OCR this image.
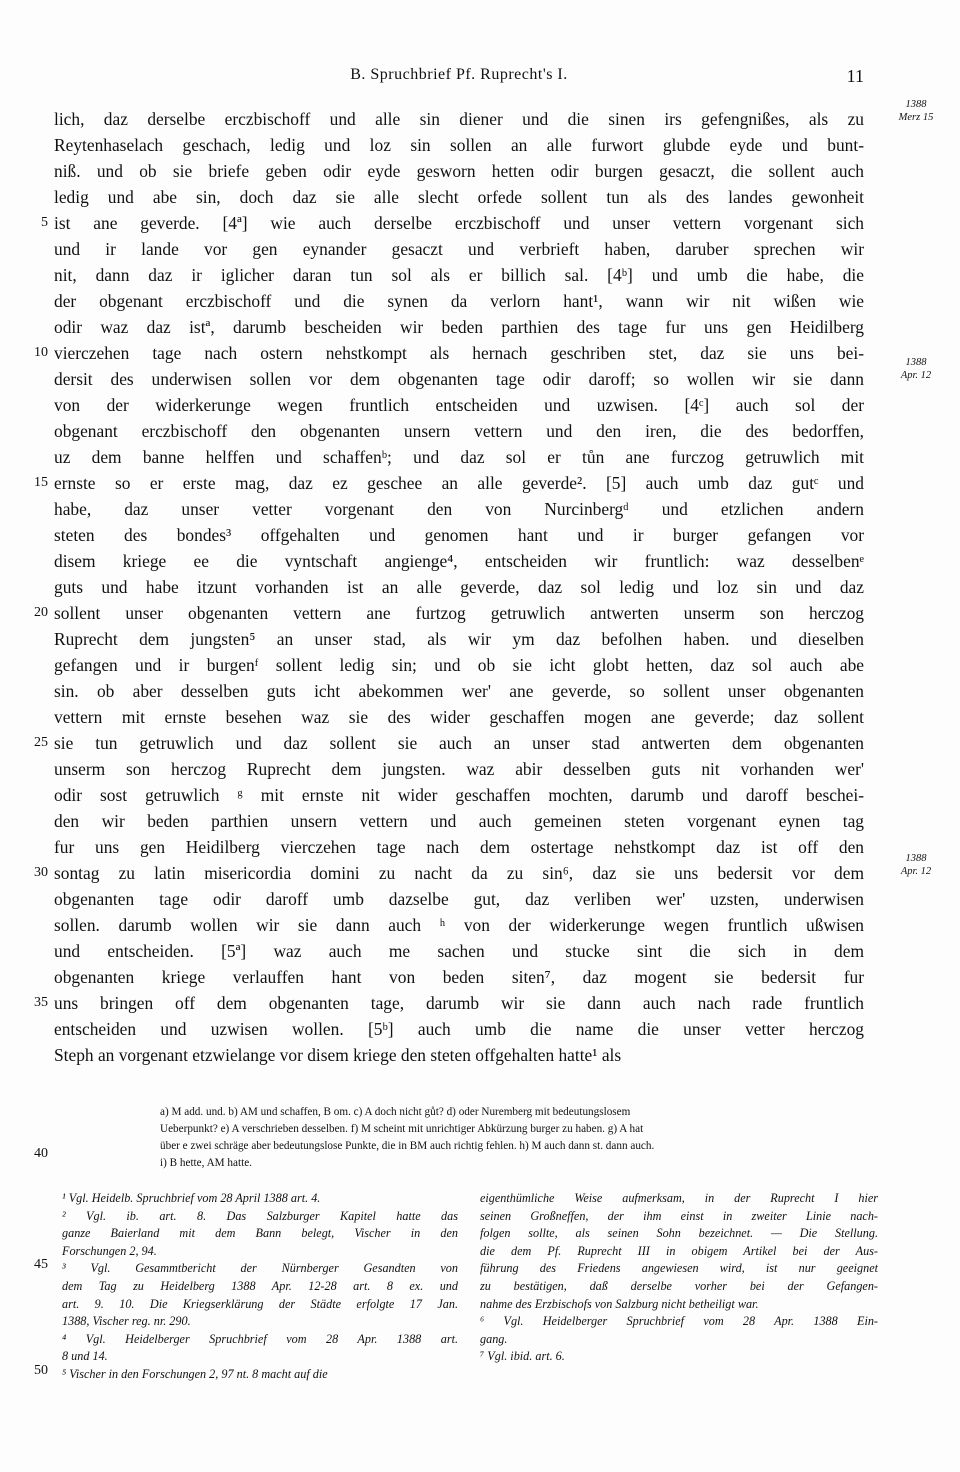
B. Spruchbrief Pf. Ruprecht's I.	11
lich, daz derselbe erczbischoff und alle sin diener und die sinen irs gefengnißes, als zu
Reytenhaselach geschach, ledig und loz sin sollen an alle furwort glubde eyde und bunt-
niß. und ob sie briefe geben odir eyde gesworn hetten odir burgen gesaczt, die sollent auch
ledig und abe sin, doch daz sie alle slecht orfede sollent tun als des landes gewonheit
ist ane geverde. [4ª] wie auch derselbe erczbischoff und unser vettern vorgenant sich
und ir lande vor gen eynander gesaczt und verbrieft haben, daruber sprechen wir
nit, dann daz ir iglicher daran tun sol als er billich sal. [4ᵇ] und umb die habe, die
der obgenant erczbischoff und die synen da verlorn hant¹, wann wir nit wißen wie
odir waz daz istª, darumb bescheiden wir beden parthien des tage fur uns gen Heidilberg
vierczehen tage nach ostern nehstkompt als hernach geschriben stet, daz sie uns bei-
dersit des underwisen sollen vor dem obgenanten tage odir daroff; so wollen wir sie dann
von der widerkerunge wegen fruntlich entscheiden und uzwisen. [4ᶜ] auch sol der
obgenant erczbischoff den obgenanten unsern vettern und den iren, die des bedorffen,
uz dem banne helffen und schaffenᵇ; und daz sol er tůn ane furczog getruwlich mit
ernste so er erste mag, daz ez geschee an alle geverde². [5] auch umb daz gutᶜ und
habe, daz unser vetter vorgenant den von Nurcinbergᵈ und etzlichen andern
steten des bondes³ offgehalten und genomen hant und ir burger gefangen vor
disem kriege ee die vyntschaft angienge⁴, entscheiden wir fruntlich: waz desselbenᵉ
guts und habe itzunt vorhanden ist an alle geverde, daz sol ledig und loz sin und daz
sollent unser obgenanten vettern ane furtzog getruwlich antwerten unserm son herczog
Ruprecht dem jungsten⁵ an unser stad, als wir ym daz befolhen haben. und dieselben
gefangen und ir burgenᶠ sollent ledig sin; und ob sie icht globt hetten, daz sol auch abe
sin. ob aber desselben guts icht abekommen wer' ane geverde, so sollent unser obgenanten
vettern mit ernste besehen waz sie des wider geschaffen mogen ane geverde; daz sollent
sie tun getruwlich und daz sollent sie auch an unser stad antwerten dem obgenanten
unserm son herczog Ruprecht dem jungsten. waz abir desselben guts nit vorhanden wer'
odir sost getruwlich ᵍ mit ernste nit wider geschaffen mochten, darumb und daroff beschei-
den wir beden parthien unsern vettern und auch gemeinen steten vorgenant eynen tag
fur uns gen Heidilberg vierczehen tage nach dem ostertage nehstkompt daz ist off den
sontag zu latin misericordia domini zu nacht da zu sin⁶, daz sie uns bedersit vor dem
obgenanten tage odir daroff umb dazselbe gut, daz verliben wer' uzsten, underwisen
sollen. darumb wollen wir sie dann auch ʰ von der widerkerunge wegen fruntlich ußwisen
und entscheiden. [5ª] waz auch me sachen und stucke sint die sich in dem
obgenanten kriege verlauffen hant von beden siten⁷, daz mogent sie bedersit fur
uns bringen off dem obgenanten tage, darumb wir sie dann auch nach rade fruntlich
entscheiden und uzwisen wollen. [5ᵇ] auch umb die name die unser vetter herczog
Steph an vorgenant etzwielange vor disem kriege den steten offgehalten hatte¹ als
5
10
15
20
25
30
35
1388
Merz 15
1388
Apr. 12
1388
Apr. 12
40
a) M add. und. b) AM und schaffen, B om. c) A doch nicht gůt? d) oder Nuremberg mit bedeutungslosem
Ueberpunkt? e) A verschrieben desselben. f) M scheint mit unrichtiger Abkürzung burger zu haben. g) A hat
über e zwei schräge aber bedeutungslose Punkte, die in BM auch richtig fehlen. h) M auch dann st. dann auch.
i) B hette, AM hatte.
¹ Vgl. Heidelb. Spruchbrief vom 28 April 1388 art. 4.
² Vgl. ib. art. 8. Das Salzburger Kapitel hatte das
ganze Baierland mit dem Bann belegt, Vischer in den
Forschungen 2, 94.
³ Vgl. Gesammtbericht der Nürnberger Gesandten von
dem Tag zu Heidelberg 1388 Apr. 12-28 art. 8 ex. und
art. 9. 10. Die Kriegserklärung der Städte erfolgte 17 Jan.
1388, Vischer reg. nr. 290.
⁴ Vgl. Heidelberger Spruchbrief vom 28 Apr. 1388 art.
8 und 14.
⁵ Vischer in den Forschungen 2, 97 nt. 8 macht auf die
eigenthümliche Weise aufmerksam, in der Ruprecht I hier
seinen Großneffen, der ihm einst in zweiter Linie nach-
folgen sollte, als seinen Sohn bezeichnet. — Die Stellung.
die dem Pf. Ruprecht III in obigem Artikel bei der Aus-
führung des Friedens angewiesen wird, ist nur geeignet
zu bestätigen, daß derselbe vorher bei der Gefangen-
nahme des Erzbischofs von Salzburg nicht betheiligt war.
⁶ Vgl. Heidelberger Spruchbrief vom 28 Apr. 1388 Ein-
gang.
⁷ Vgl. ibid. art. 6.
45
50
